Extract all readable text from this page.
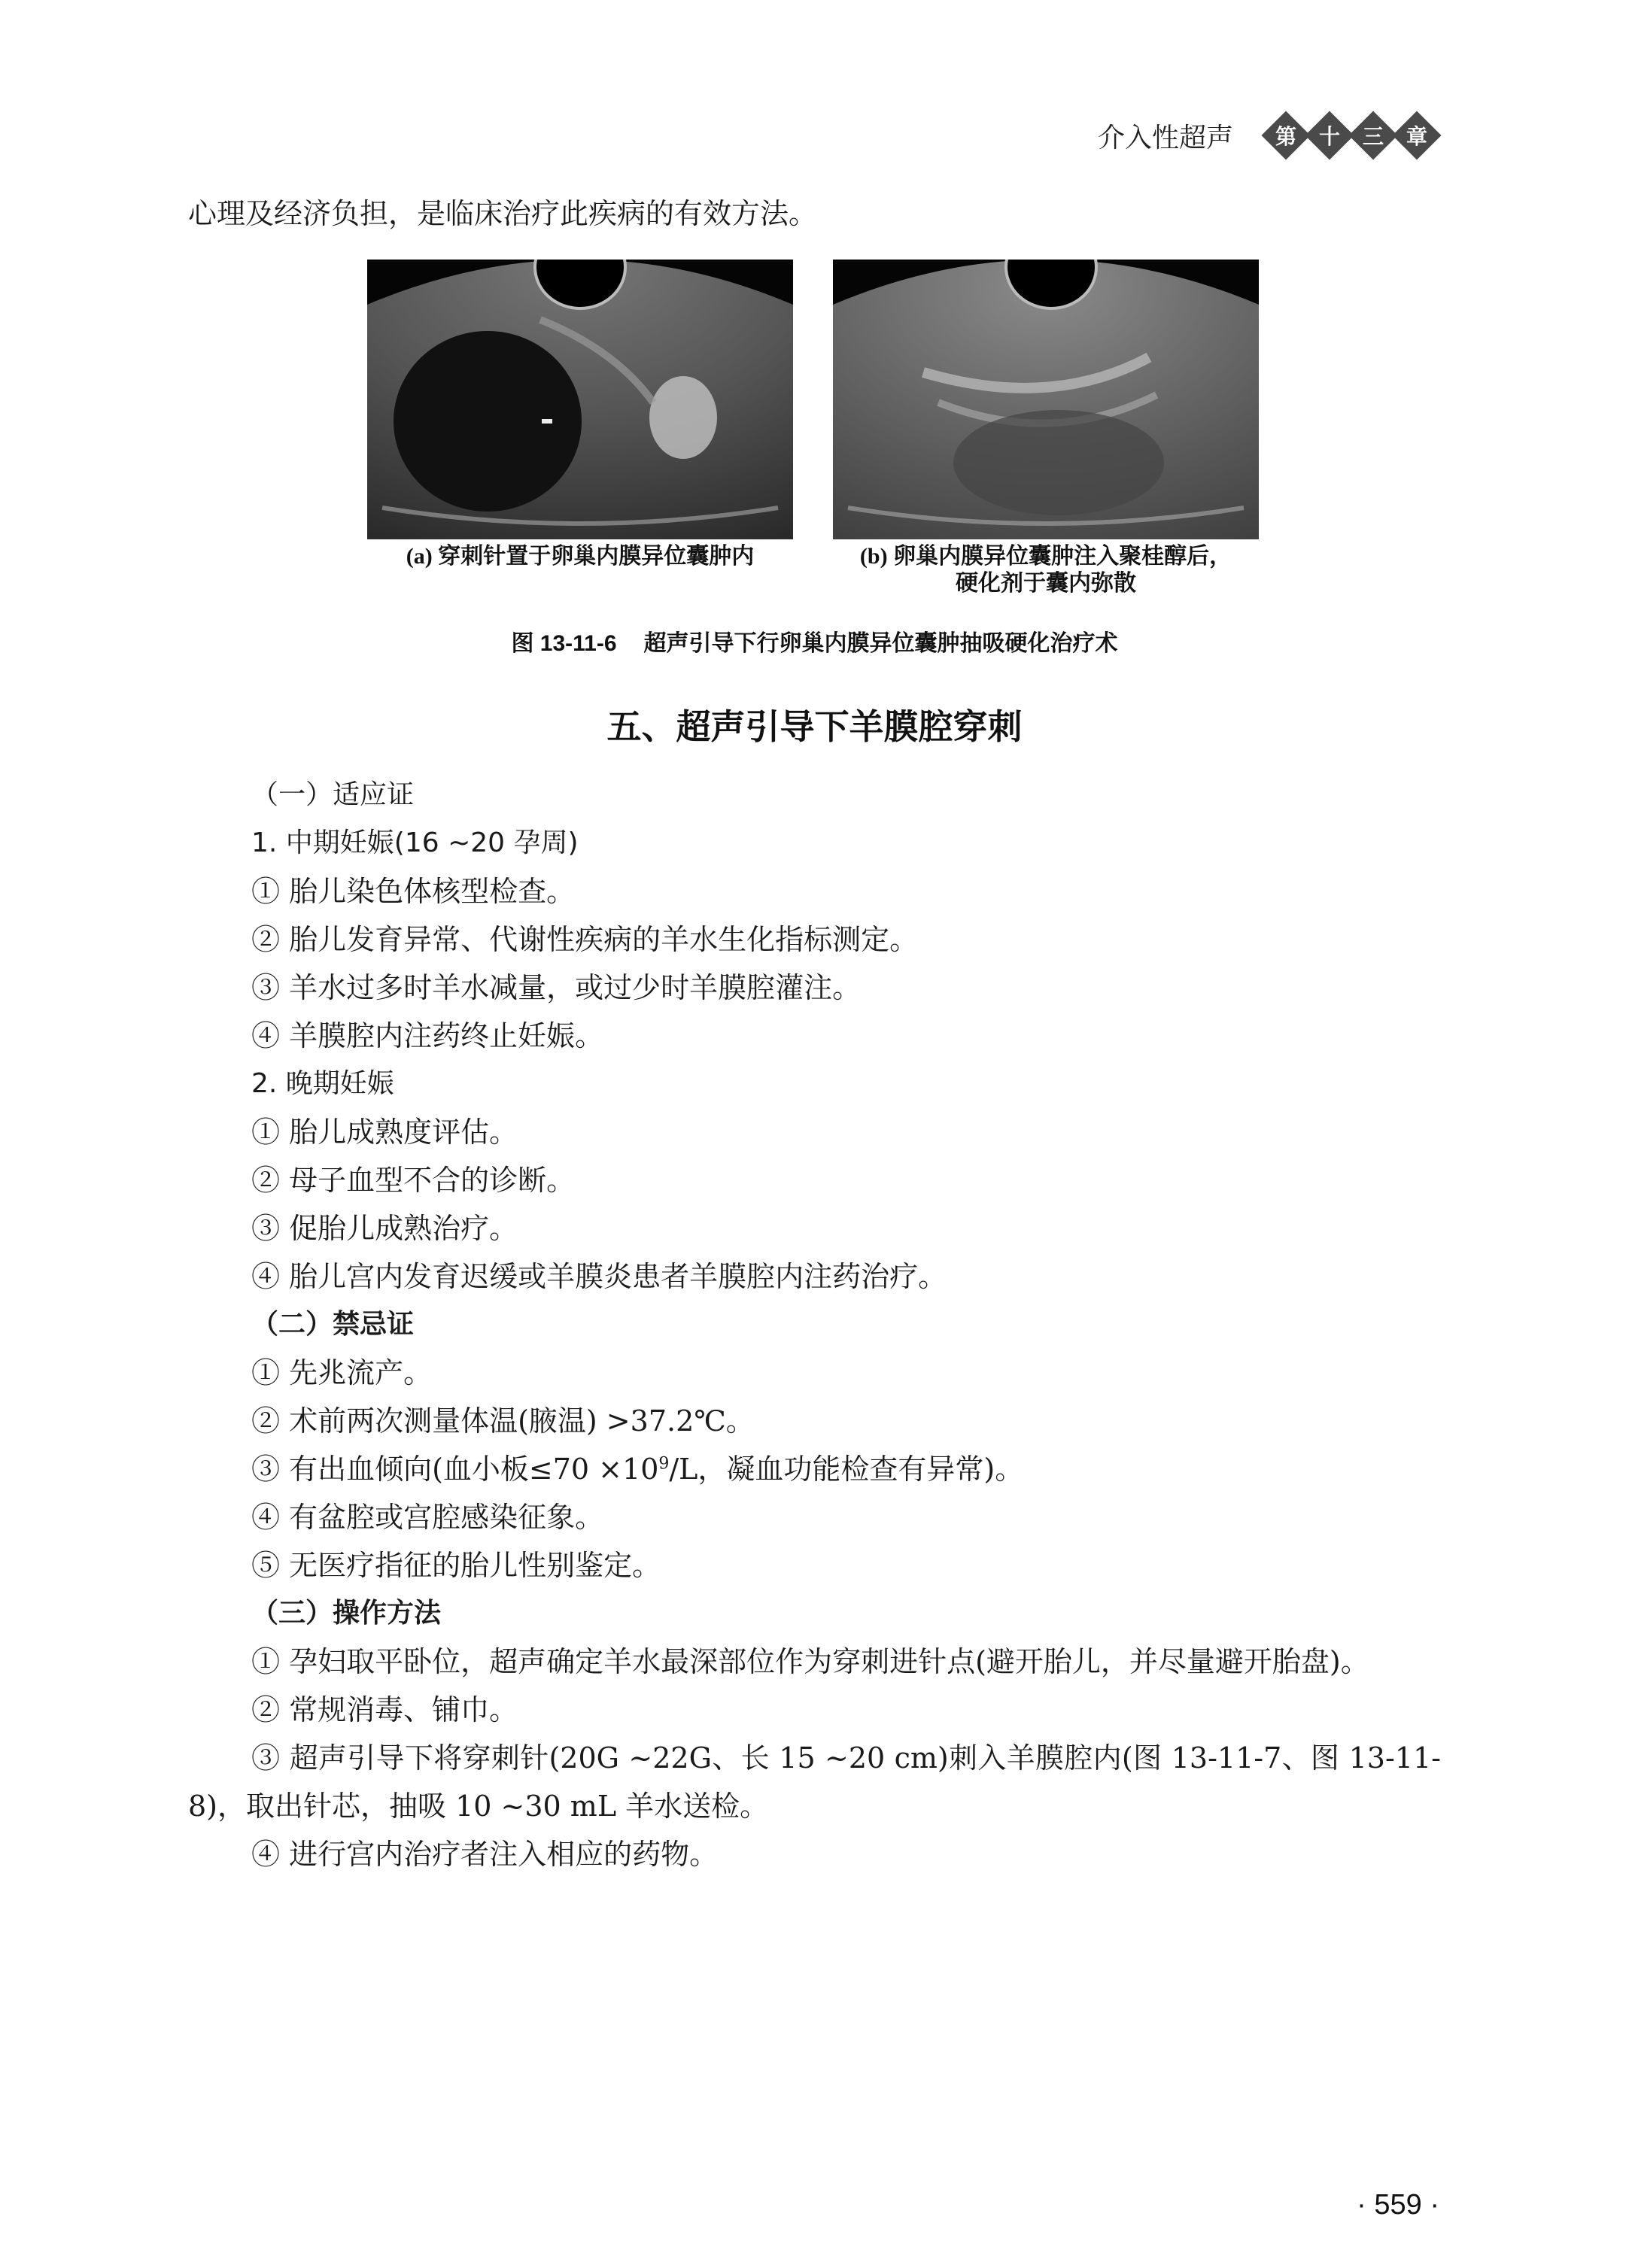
介入性超声 第 十 三 章
心理及经济负担，是临床治疗此疾病的有效方法。
(a) 穿刺针置于卵巢内膜异位囊肿内	(b) 卵巢内膜异位囊肿注入聚桂醇后，
硬化剂于囊内弥散
图 13-11-6 超声引导下行卵巢内膜异位囊肿抽吸硬化治疗术
五、超声引导下羊膜腔穿刺
（一）适应证
1. 中期妊娠(16 ~20 孕周)
① 胎儿染色体核型检查。
② 胎儿发育异常、代谢性疾病的羊水生化指标测定。
③ 羊水过多时羊水减量，或过少时羊膜腔灌注。
④ 羊膜腔内注药终止妊娠。
2. 晚期妊娠
① 胎儿成熟度评估。
② 母子血型不合的诊断。
③ 促胎儿成熟治疗。
④ 胎儿宫内发育迟缓或羊膜炎患者羊膜腔内注药治疗。
（二）禁忌证
① 先兆流产。
② 术前两次测量体温(腋温) >37.2℃。
③ 有出血倾向(血小板$\le 70 \times 10^9/L$，凝血功能检查有异常)。
④ 有盆腔或宫腔感染征象。
⑤ 无医疗指征的胎儿性别鉴定。
（三）操作方法
① 孕妇取平卧位，超声确定羊水最深部位作为穿刺进针点(避开胎儿，并尽量避开胎盘)。
② 常规消毒、铺巾。
③ 超声引导下将穿刺针(20G ~22G、长 15 ~20 cm)刺入羊膜腔内(图 13-11-7、图 13-11-8)，取出针芯，抽吸 10 ~30 mL 羊水送检。
④ 进行宫内治疗者注入相应的药物。
· 559 ·
